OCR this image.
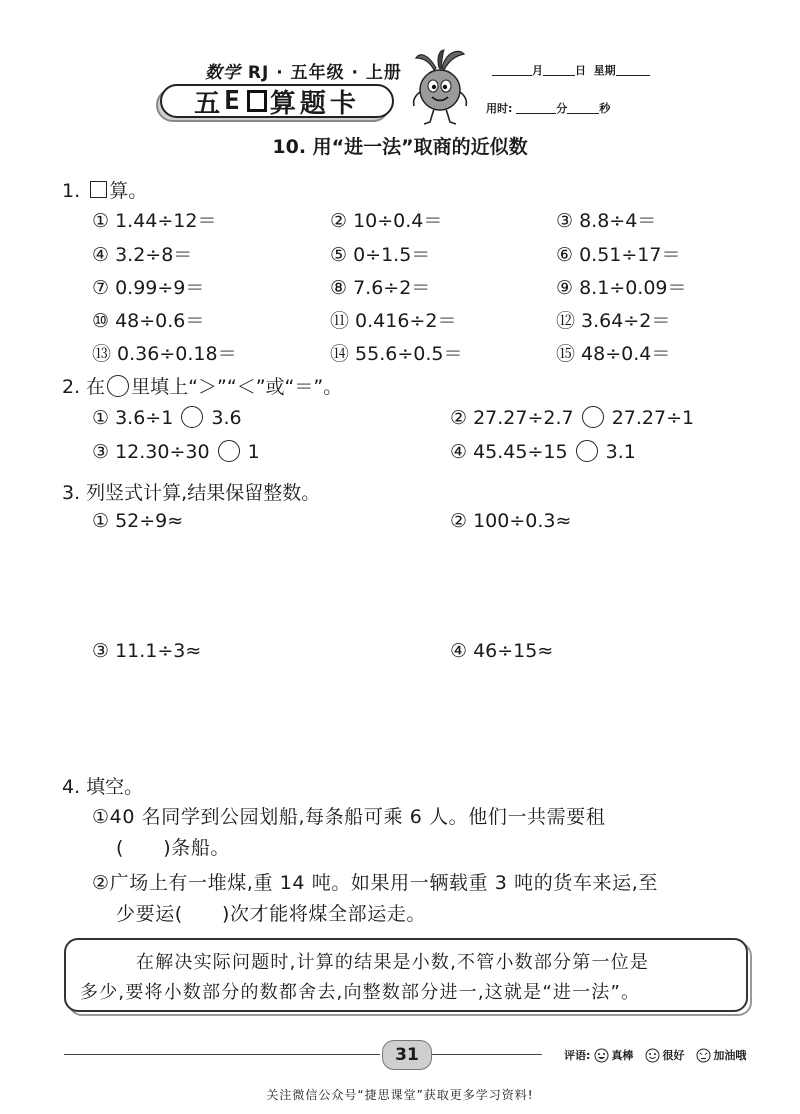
数学 RJ · 五年级 · 上册
五 E 算题卡
月	日 星期
用时:	分	秒
10. 用“进一法”取商的近似数
1. 算。
① 1.44÷12＝	② 10÷0.4＝	③ 8.8÷4＝
④ 3.2÷8＝	⑤ 0÷1.5＝	⑥ 0.51÷17＝
⑦ 0.99÷9＝	⑧ 7.6÷2＝	⑨ 8.1÷0.09＝
⑩ 48÷0.6＝	⑪ 0.416÷2＝	⑫ 3.64÷2＝
⑬ 0.36÷0.18＝	⑭ 55.6÷0.5＝	⑮ 48÷0.4＝
2. 在 里填上“＞”“＜”或“＝”。
① 3.6÷1 3.6	② 27.27÷2.7 27.27÷1
③ 12.30÷30 1	④ 45.45÷15 3.1
3. 列竖式计算,结果保留整数。
① 52÷9≈	② 100÷0.3≈
③ 11.1÷3≈	④ 46÷15≈
4. 填空。
①40 名同学到公园划船,每条船可乘 6 人。他们一共需要租
(　　)条船。
②广场上有一堆煤,重 14 吨。如果用一辆载重 3 吨的货车来运,至
少要运(　　)次才能将煤全部运走。
在解决实际问题时,计算的结果是小数,不管小数部分第一位是
多少,要将小数部分的数都舍去,向整数部分进一,这就是“进一法”。
31	评语: 真棒	很好	加油哦
关注微信公众号“捷思课堂”获取更多学习资料!
